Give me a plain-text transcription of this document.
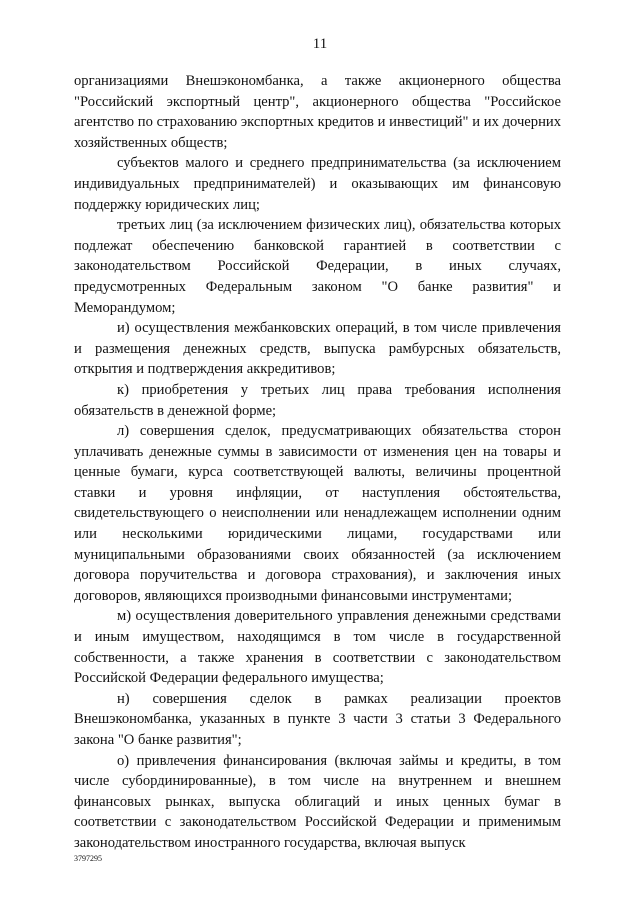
11

организациями Внешэкономбанка, а также акционерного общества "Российский экспортный центр", акционерного общества "Российское агентство по страхованию экспортных кредитов и инвестиций" и их дочерних хозяйственных обществ;

субъектов малого и среднего предпринимательства (за исключением индивидуальных предпринимателей) и оказывающих им финансовую поддержку юридических лиц;

третьих лиц (за исключением физических лиц), обязательства которых подлежат обеспечению банковской гарантией в соответствии с законодательством Российской Федерации, в иных случаях, предусмотренных Федеральным законом "О банке развития" и Меморандумом;

и) осуществления межбанковских операций, в том числе привлечения и размещения денежных средств, выпуска рамбурсных обязательств, открытия и подтверждения аккредитивов;

к) приобретения у третьих лиц права требования исполнения обязательств в денежной форме;

л) совершения сделок, предусматривающих обязательства сторон уплачивать денежные суммы в зависимости от изменения цен на товары и ценные бумаги, курса соответствующей валюты, величины процентной ставки и уровня инфляции, от наступления обстоятельства, свидетельствующего о неисполнении или ненадлежащем исполнении одним или несколькими юридическими лицами, государствами или муниципальными образованиями своих обязанностей (за исключением договора поручительства и договора страхования), и заключения иных договоров, являющихся производными финансовыми инструментами;

м) осуществления доверительного управления денежными средствами и иным имуществом, находящимся в том числе в государственной собственности, а также хранения в соответствии с законодательством Российской Федерации федерального имущества;

н) совершения сделок в рамках реализации проектов Внешэкономбанка, указанных в пункте 3 части 3 статьи 3 Федерального закона "О банке развития";

о) привлечения финансирования (включая займы и кредиты, в том числе субординированные), в том числе на внутреннем и внешнем финансовых рынках, выпуска облигаций и иных ценных бумаг в соответствии с законодательством Российской Федерации и применимым законодательством иностранного государства, включая выпуск

3797295
